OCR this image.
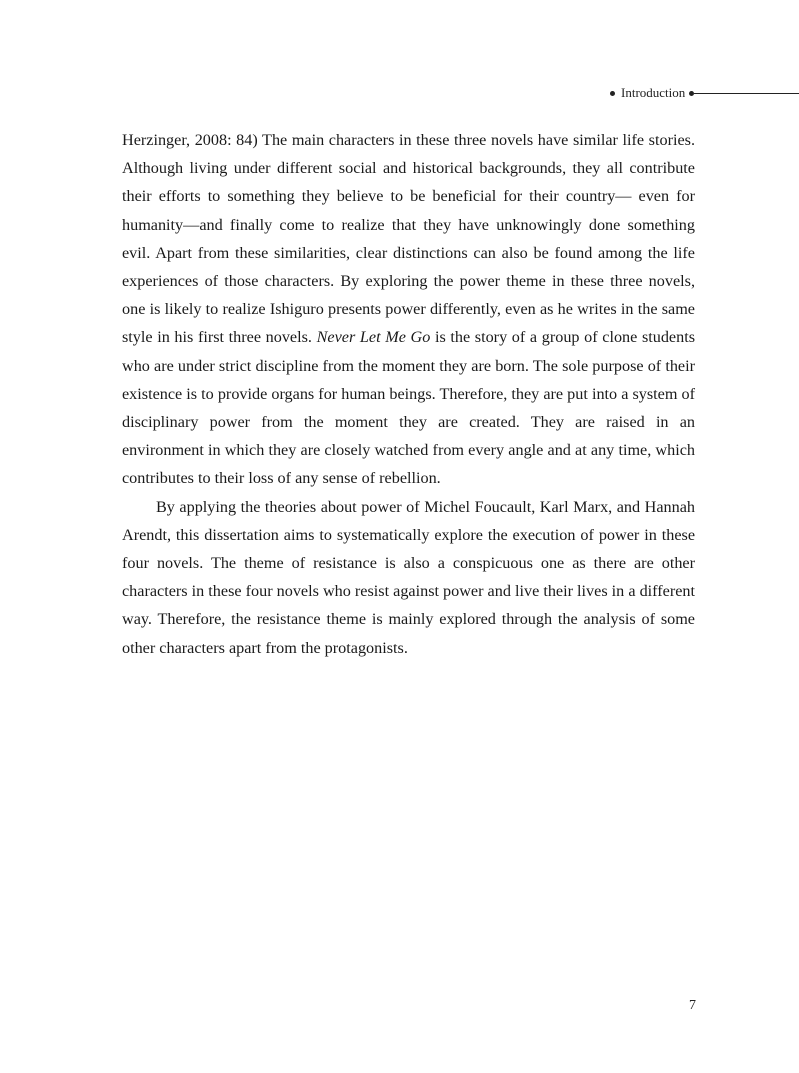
Introduction

Herzinger, 2008: 84) The main characters in these three novels have similar life stories. Although living under different social and historical backgrounds, they all contribute their efforts to something they believe to be beneficial for their country— even for humanity—and finally come to realize that they have unknowingly done something evil. Apart from these similarities, clear distinctions can also be found among the life experiences of those characters. By exploring the power theme in these three novels, one is likely to realize Ishiguro presents power differently, even as he writes in the same style in his first three novels. Never Let Me Go is the story of a group of clone students who are under strict discipline from the moment they are born. The sole purpose of their existence is to provide organs for human beings. Therefore, they are put into a system of disciplinary power from the moment they are created. They are raised in an environment in which they are closely watched from every angle and at any time, which contributes to their loss of any sense of rebellion.

By applying the theories about power of Michel Foucault, Karl Marx, and Hannah Arendt, this dissertation aims to systematically explore the execution of power in these four novels. The theme of resistance is also a conspicuous one as there are other characters in these four novels who resist against power and live their lives in a different way. Therefore, the resistance theme is mainly explored through the analysis of some other characters apart from the protagonists.

7
